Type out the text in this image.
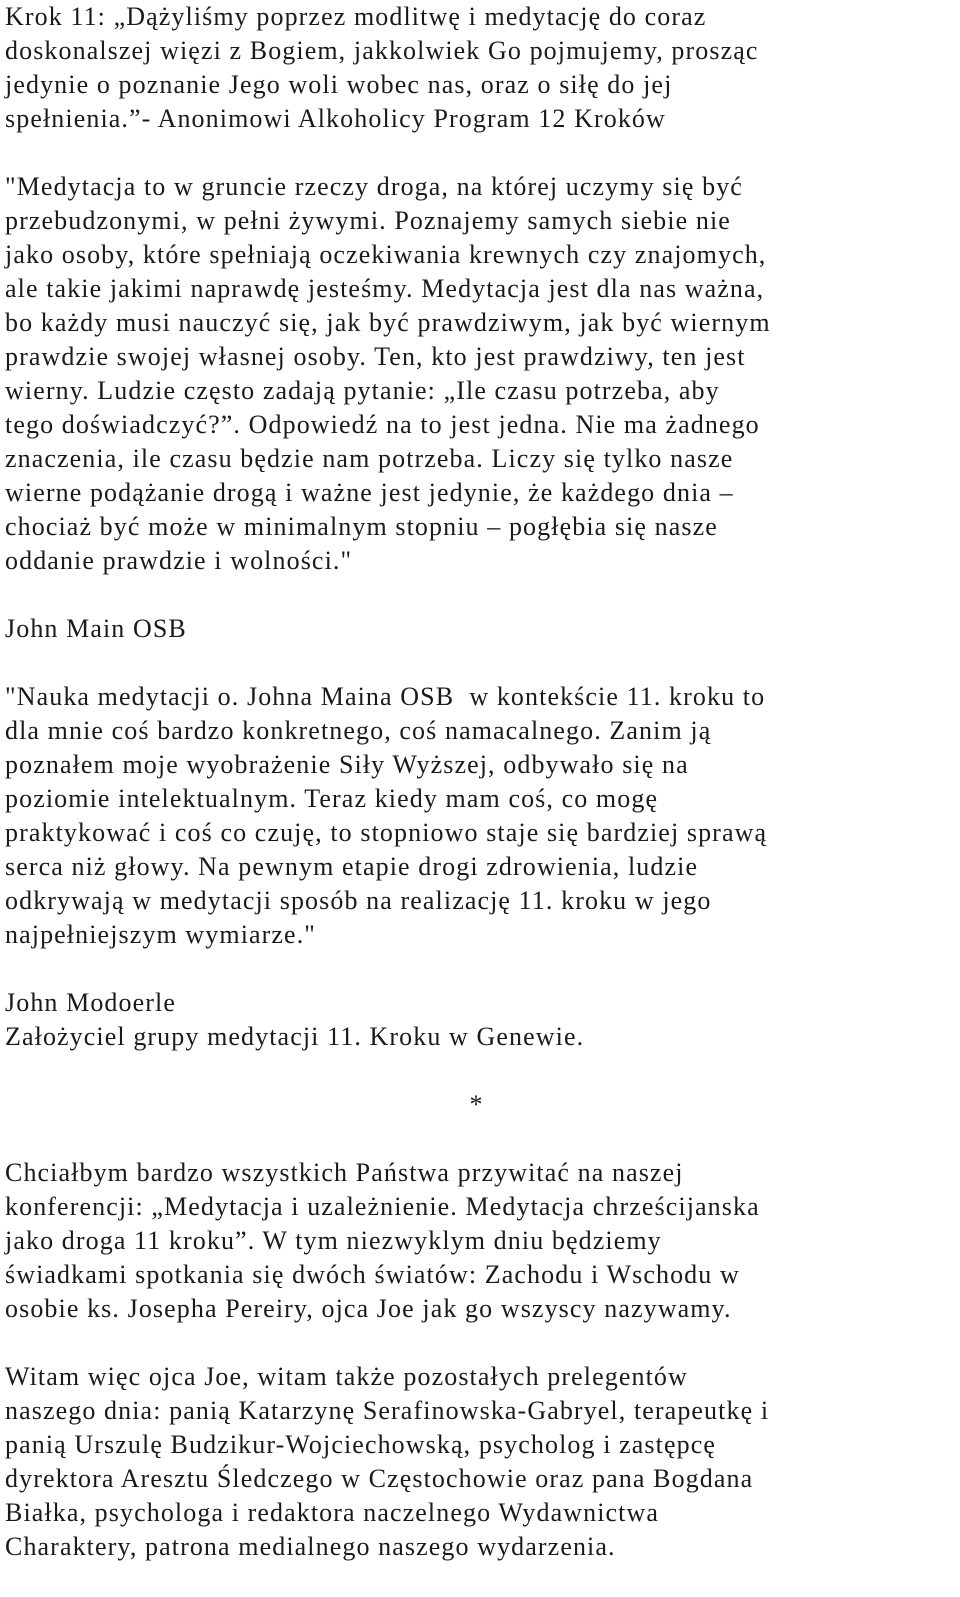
Krok 11: „Dążyliśmy poprzez modlitwę i medytację do coraz
doskonalszej więzi z Bogiem, jakkolwiek Go pojmujemy, prosząc
jedynie o poznanie Jego woli wobec nas, oraz o siłę do jej
spełnienia.”- Anonimowi Alkoholicy Program 12 Kroków
"Medytacja to w gruncie rzeczy droga, na której uczymy się być
przebudzonymi, w pełni żywymi. Poznajemy samych siebie nie
jako osoby, które spełniają oczekiwania krewnych czy znajomych,
ale takie jakimi naprawdę jesteśmy. Medytacja jest dla nas ważna,
bo każdy musi nauczyć się, jak być prawdziwym, jak być wiernym
prawdzie swojej własnej osoby. Ten, kto jest prawdziwy, ten jest
wierny. Ludzie często zadają pytanie: „Ile czasu potrzeba, aby
tego doświadczyć?”. Odpowiedź na to jest jedna. Nie ma żadnego
znaczenia, ile czasu będzie nam potrzeba. Liczy się tylko nasze
wierne podążanie drogą i ważne jest jedynie, że każdego dnia –
chociaż być może w minimalnym stopniu – pogłębia się nasze
oddanie prawdzie i wolności."
John Main OSB
"Nauka medytacji o. Johna Maina OSB  w kontekście 11. kroku to
dla mnie coś bardzo konkretnego, coś namacalnego. Zanim ją
poznałem moje wyobrażenie Siły Wyższej, odbywało się na
poziomie intelektualnym. Teraz kiedy mam coś, co mogę
praktykować i coś co czuję, to stopniowo staje się bardziej sprawą
serca niż głowy. Na pewnym etapie drogi zdrowienia, ludzie
odkrywają w medytacji sposób na realizację 11. kroku w jego
najpełniejszym wymiarze."
John Modoerle
Założyciel grupy medytacji 11. Kroku w Genewie.
*
Chciałbym bardzo wszystkich Państwa przywitać na naszej
konferencji: „Medytacja i uzależnienie. Medytacja chrześcijanska
jako droga 11 kroku”. W tym niezwyklym dniu będziemy
świadkami spotkania się dwóch światów: Zachodu i Wschodu w
osobie ks. Josepha Pereiry, ojca Joe jak go wszyscy nazywamy.
Witam więc ojca Joe, witam także pozostałych prelegentów
naszego dnia: panią Katarzynę Serafinowska-Gabryel, terapeutkę i
panią Urszulę Budzikur-Wojciechowską, psycholog i zastępcę
dyrektora Aresztu Śledczego w Częstochowie oraz pana Bogdana
Białka, psychologa i redaktora naczelnego Wydawnictwa
Charaktery, patrona medialnego naszego wydarzenia.
